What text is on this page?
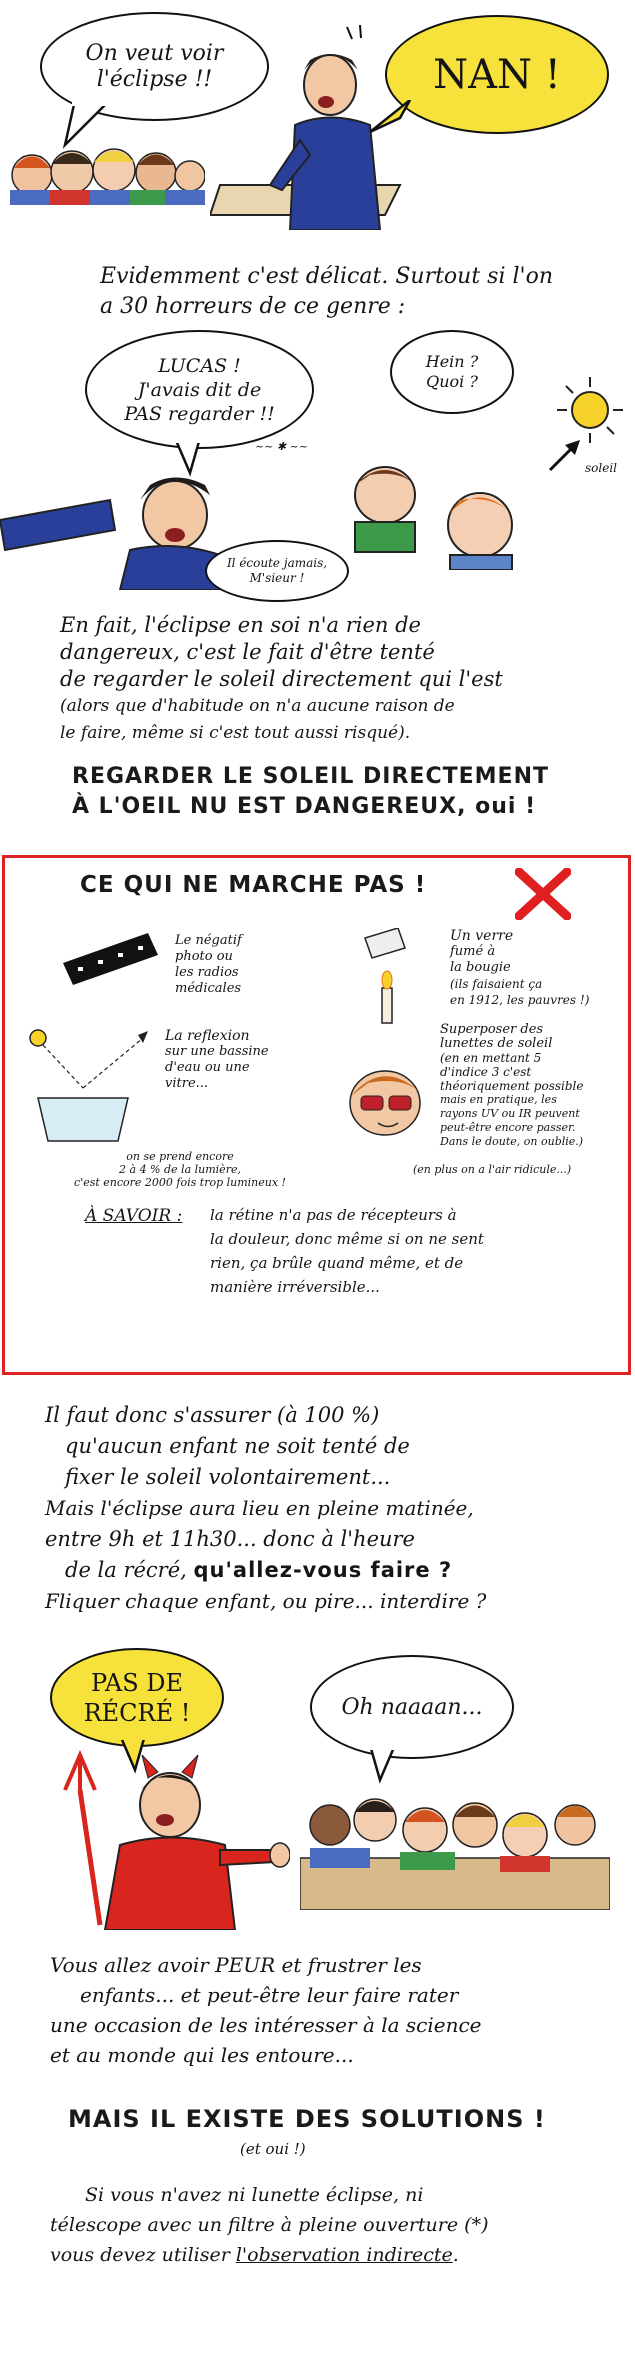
On veut voir
l'éclipse !!	NAN !
Evidemment c'est délicat. Surtout si l'on
a 30 horreurs de ce genre :
LUCAS !
J'avais dit de
PAS regarder !!
~~ ✱ ~~
Il écoute jamais,
M'sieur !
Hein ?
Quoi ?
soleil
En fait, l'éclipse en soi n'a rien de
dangereux, c'est le fait d'être tenté
de regarder le soleil directement qui l'est
(alors que d'habitude on n'a aucune raison de
le faire, même si c'est tout aussi risqué).
REGARDER LE SOLEIL DIRECTEMENT
À L'OEIL NU EST DANGEREUX, oui !
CE QUI NE MARCHE PAS !
Le négatif
photo ou
les radios
médicales
Un verre
fumé à
la bougie
(ils faisaient ça
en 1912, les pauvres !)
La reflexion
sur une bassine
d'eau ou une
vitre...
on se prend encore
2 à 4 % de la lumière,
c'est encore 2000 fois trop lumineux !
Superposer des
lunettes de soleil
(en en mettant 5
d'indice 3 c'est
théoriquement possible
mais en pratique, les
rayons UV ou IR peuvent
peut-être encore passer.
Dans le doute, on oublie.)
(en plus on a l'air ridicule...)
À SAVOIR : la rétine n'a pas de récepteurs à
la douleur, donc même si on ne sent
rien, ça brûle quand même, et de
manière irréversible...
Il faut donc s'assurer (à 100 %)
qu'aucun enfant ne soit tenté de
fixer le soleil volontairement...
Mais l'éclipse aura lieu en pleine matinée,
entre 9h et 11h30... donc à l'heure
de la récré, qu'allez-vous faire ?
Fliquer chaque enfant, ou pire... interdire ?
PAS DE
RÉCRÉ !	Oh naaaan...
Vous allez avoir PEUR et frustrer les
enfants... et peut-être leur faire rater
une occasion de les intéresser à la science
et au monde qui les entoure...
MAIS IL EXISTE DES SOLUTIONS !
(et oui !)
Si vous n'avez ni lunette éclipse, ni
télescope avec un filtre à pleine ouverture (*)
vous devez utiliser l'observation indirecte.
